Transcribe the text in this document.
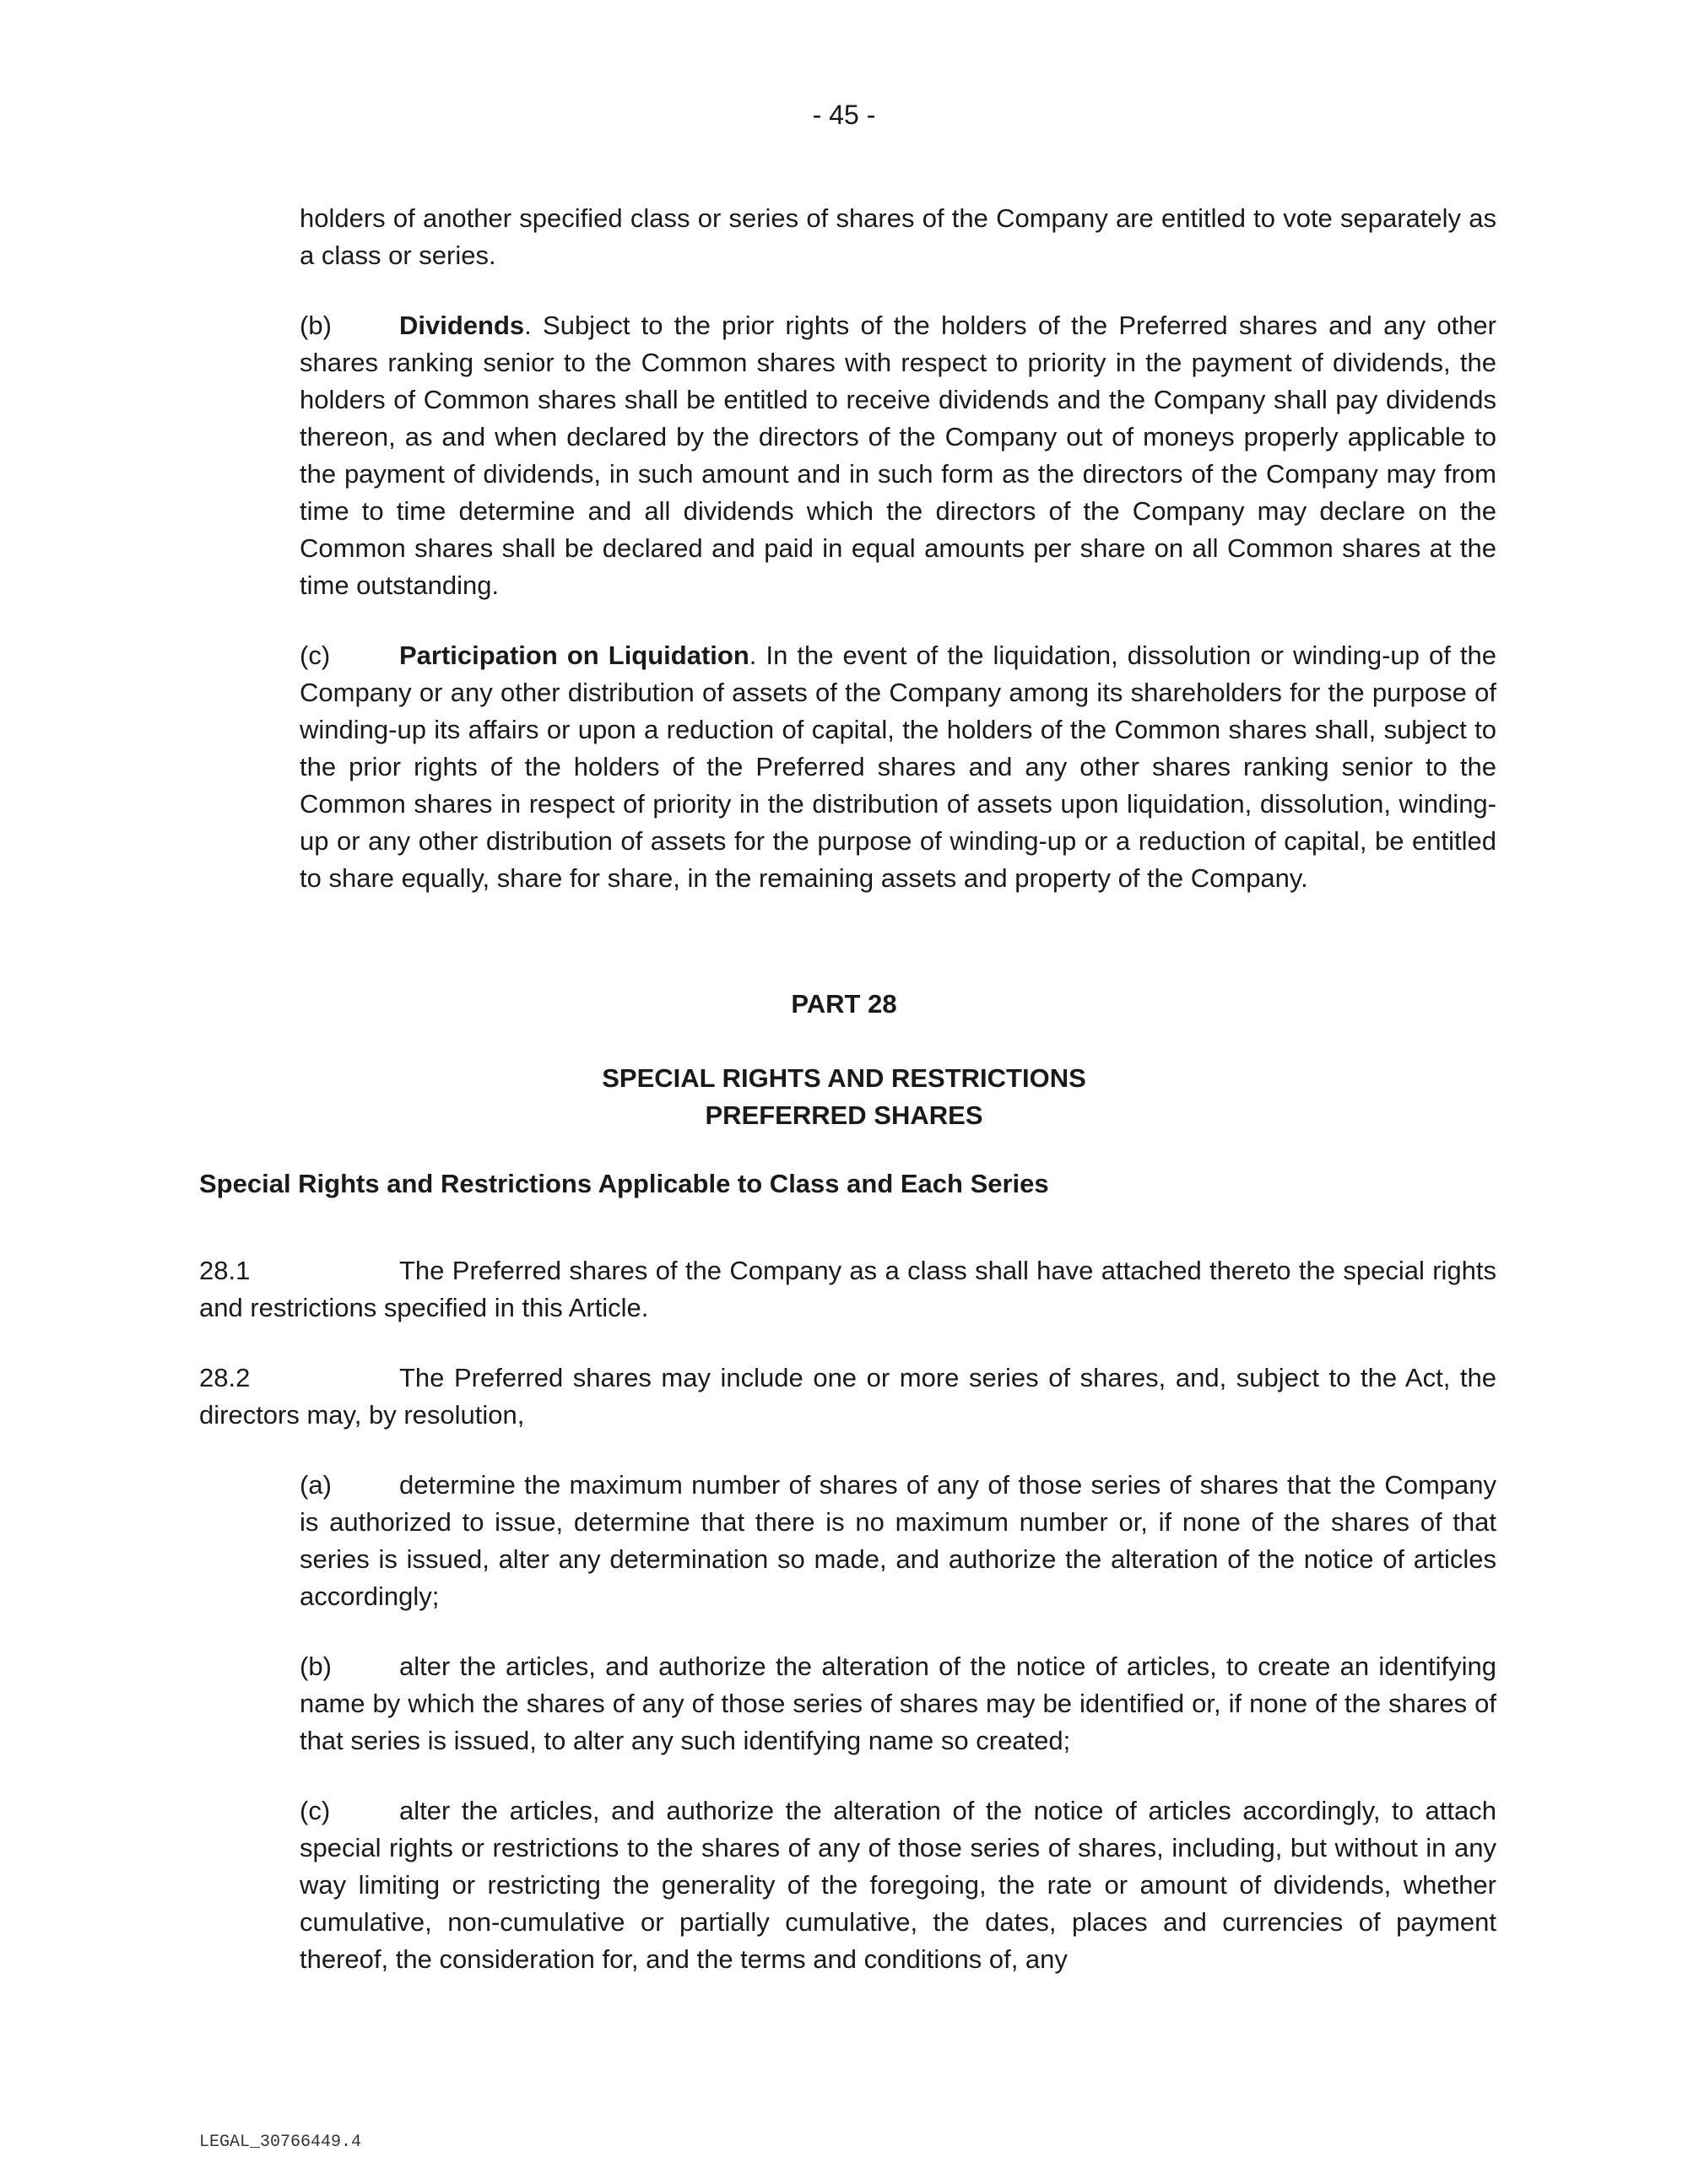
- 45 -
holders of another specified class or series of shares of the Company are entitled to vote separately as a class or series.
(b)	Dividends. Subject to the prior rights of the holders of the Preferred shares and any other shares ranking senior to the Common shares with respect to priority in the payment of dividends, the holders of Common shares shall be entitled to receive dividends and the Company shall pay dividends thereon, as and when declared by the directors of the Company out of moneys properly applicable to the payment of dividends, in such amount and in such form as the directors of the Company may from time to time determine and all dividends which the directors of the Company may declare on the Common shares shall be declared and paid in equal amounts per share on all Common shares at the time outstanding.
(c)	Participation on Liquidation. In the event of the liquidation, dissolution or winding-up of the Company or any other distribution of assets of the Company among its shareholders for the purpose of winding-up its affairs or upon a reduction of capital, the holders of the Common shares shall, subject to the prior rights of the holders of the Preferred shares and any other shares ranking senior to the Common shares in respect of priority in the distribution of assets upon liquidation, dissolution, winding-up or any other distribution of assets for the purpose of winding-up or a reduction of capital, be entitled to share equally, share for share, in the remaining assets and property of the Company.
PART 28
SPECIAL RIGHTS AND RESTRICTIONS
PREFERRED SHARES
Special Rights and Restrictions Applicable to Class and Each Series
28.1	The Preferred shares of the Company as a class shall have attached thereto the special rights and restrictions specified in this Article.
28.2	The Preferred shares may include one or more series of shares, and, subject to the Act, the directors may, by resolution,
(a)	determine the maximum number of shares of any of those series of shares that the Company is authorized to issue, determine that there is no maximum number or, if none of the shares of that series is issued, alter any determination so made, and authorize the alteration of the notice of articles accordingly;
(b)	alter the articles, and authorize the alteration of the notice of articles, to create an identifying name by which the shares of any of those series of shares may be identified or, if none of the shares of that series is issued, to alter any such identifying name so created;
(c)	alter the articles, and authorize the alteration of the notice of articles accordingly, to attach special rights or restrictions to the shares of any of those series of shares, including, but without in any way limiting or restricting the generality of the foregoing, the rate or amount of dividends, whether cumulative, non-cumulative or partially cumulative, the dates, places and currencies of payment thereof, the consideration for, and the terms and conditions of, any
LEGAL_30766449.4
